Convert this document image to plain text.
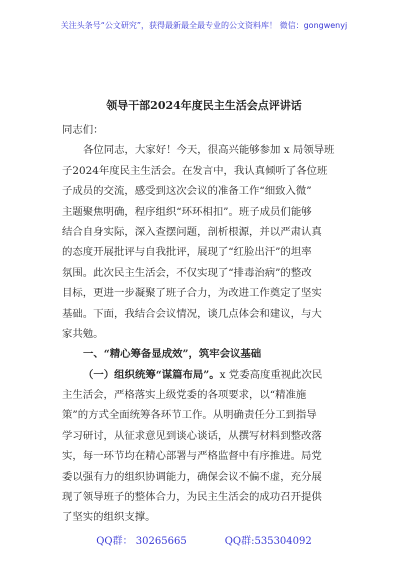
关注头条号“公文研究”，获得最新最全最专业的公文资料库！ 微信：gongwenyj
领导干部2024年度民主生活会点评讲话
同志们：
各位同志，大家好！今天，很高兴能够参加 x 局领导班
子2024年度民主生活会。在发言中，我认真倾听了各位班
子成员的交流，感受到这次会议的准备工作“细致入微”
主题聚焦明确，程序组织“环环相扣”。班子成员们能够
结合自身实际，深入查摆问题，剖析根源，并以严肃认真
的态度开展批评与自我批评，展现了“红脸出汗”的坦率
氛围。此次民主生活会，不仅实现了“排毒治病”的整改
目标，更进一步凝聚了班子合力，为改进工作奠定了坚实
基础。下面，我结合会议情况，谈几点体会和建议，与大
家共勉。
一、“精心筹备显成效”，筑牢会议基础
（一）组织统筹“谋篇布局”。x 党委高度重视此次民
主生活会，严格落实上级党委的各项要求，以“精准施
策”的方式全面统筹各环节工作。从明确责任分工到指导
学习研讨，从征求意见到谈心谈话，从撰写材料到整改落
实，每一环节均在精心部署与严格监督中有序推进。局党
委以强有力的组织协调能力，确保会议不偏不虚，充分展
现了领导班子的整体合力，为民主生活会的成功召开提供
了坚实的组织支撑。
QQ群： 30265665	QQ群:535304092
